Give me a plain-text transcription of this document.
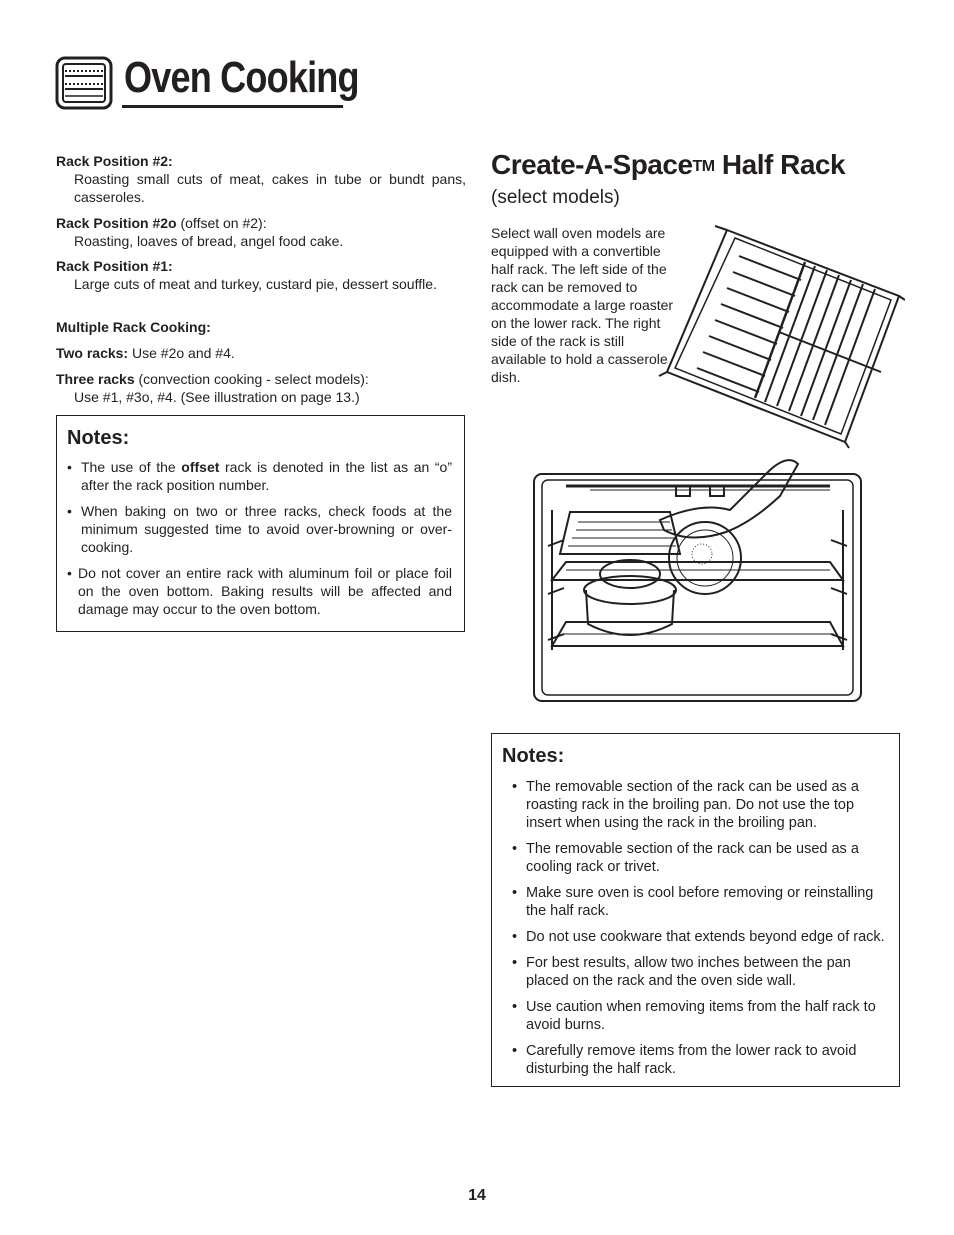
Oven Cooking
Rack Position #2:
Roasting small cuts of meat, cakes in tube or bundt pans, casseroles.
Rack Position #2o (offset on #2):
Roasting, loaves of bread, angel food cake.
Rack Position #1:
Large cuts of meat and turkey, custard pie, dessert souffle.
Multiple Rack Cooking:
Two racks: Use #2o and #4.
Three racks (convection cooking - select models):
Use #1, #3o, #4. (See illustration on page 13.)
Notes:
• The use of the offset rack is denoted in the list as an “o” after the rack position number.
• When baking on two or three racks, check foods at the minimum suggested time to avoid over-browning or over-cooking.
• Do not cover an entire rack with aluminum foil or place foil on the oven bottom. Baking results will be affected and damage may occur to the oven bottom.
Create-A-Space™ Half Rack
(select models)
Select wall oven models are equipped with a convertible half rack. The left side of the rack can be removed to accommodate a large roaster on the lower rack. The right side of the rack is still available to hold a casserole dish.
Notes:
• The removable section of the rack can be used as a roasting rack in the broiling pan. Do not use the top insert when using the rack in the broiling pan.
• The removable section of the rack can be used as a cooling rack or trivet.
• Make sure oven is cool before removing or reinstalling the half rack.
• Do not use cookware that extends beyond edge of rack.
• For best results, allow two inches between the pan placed on the rack and the oven side wall.
• Use caution when removing items from the half rack to avoid burns.
• Carefully remove items from the lower rack to avoid disturbing the half rack.
14
